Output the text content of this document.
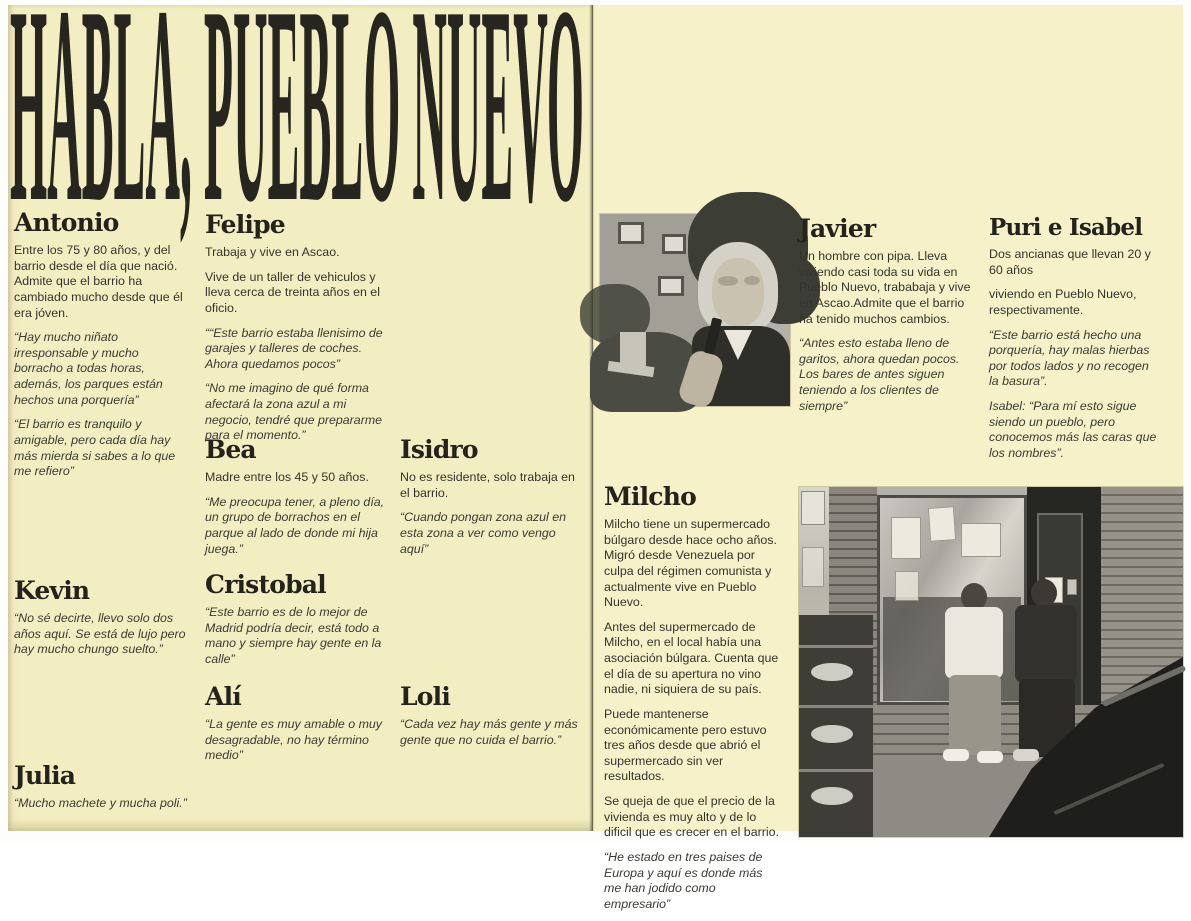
HABLA, PUEBLO NUEVO
Antonio

Entre los 75 y 80 años, y del barrio desde el día que nació. Admite que el barrio ha cambiado mucho desde que él era jóven.

“Hay mucho niñato irresponsable y mucho borracho a todas horas, además, los parques están hechos una porquería”

“El barrio es tranquilo y amigable, pero cada día hay más mierda si sabes a lo que me refiero”

Felipe

Trabaja y vive en Ascao.

Vive de un taller de vehiculos y lleva cerca de treinta años en el oficio.

““Este barrio estaba llenisimo de garajes y talleres de coches. Ahora quedamos pocos”

“No me imagino de qué forma afectará la zona azul a mi negocio, tendré que prepararme para el momento.”

Bea

Madre entre los 45 y 50 años.

“Me preocupa tener, a pleno día, un grupo de borrachos en el parque al lado de donde mi hija juega.”

Isidro

No es residente, solo trabaja en el barrio.

“Cuando pongan zona azul en esta zona a ver como vengo aquí”

Kevin

“No sé decirte, llevo solo dos años aquí. Se está de lujo pero hay mucho chungo suelto.”

Cristobal

“Este barrio es de lo mejor de Madrid podría decir, está todo a mano y siempre hay gente en la calle”

Alí

“La gente es muy amable o muy desagradable, no hay término medio”

Loli

“Cada vez hay más gente y más gente que no cuida el barrio.”

Julia

“Mucho machete y mucha poli.”

Javier

Un hombre con pipa. Lleva viviendo casi toda su vida en Pueblo Nuevo, trababaja y vive en Ascao.Admite que el barrio ha tenido muchos cambios.

“Antes esto estaba lleno de garitos, ahora quedan pocos. Los bares de antes siguen teniendo a los clientes de siempre”

Puri e Isabel

Dos ancianas que llevan 20 y 60 años

viviendo en Pueblo Nuevo, respectivamente.

“Este barrio está hecho una porquería, hay malas hierbas por todos lados y no recogen la basura”.

Isabel: “Para mí esto sigue siendo un pueblo, pero conocemos más las caras que los nombres”.

Milcho

Milcho tiene un supermercado búlgaro desde hace ocho años. Migró desde Venezuela por culpa del régimen comunista y actualmente vive en Pueblo Nuevo.

Antes del supermercado de Milcho, en el local había una asociación búlgara. Cuenta que el día de su apertura no vino nadie, ni siquiera de su país.

Puede mantenerse económicamente pero estuvo tres años desde que abrió el supermercado sin ver resultados.

Se queja de que el precio de la vivienda es muy alto y de lo dificil que es crecer en el barrio.

“He estado en tres paises de Europa y aquí es donde más me han jodido como empresario”
